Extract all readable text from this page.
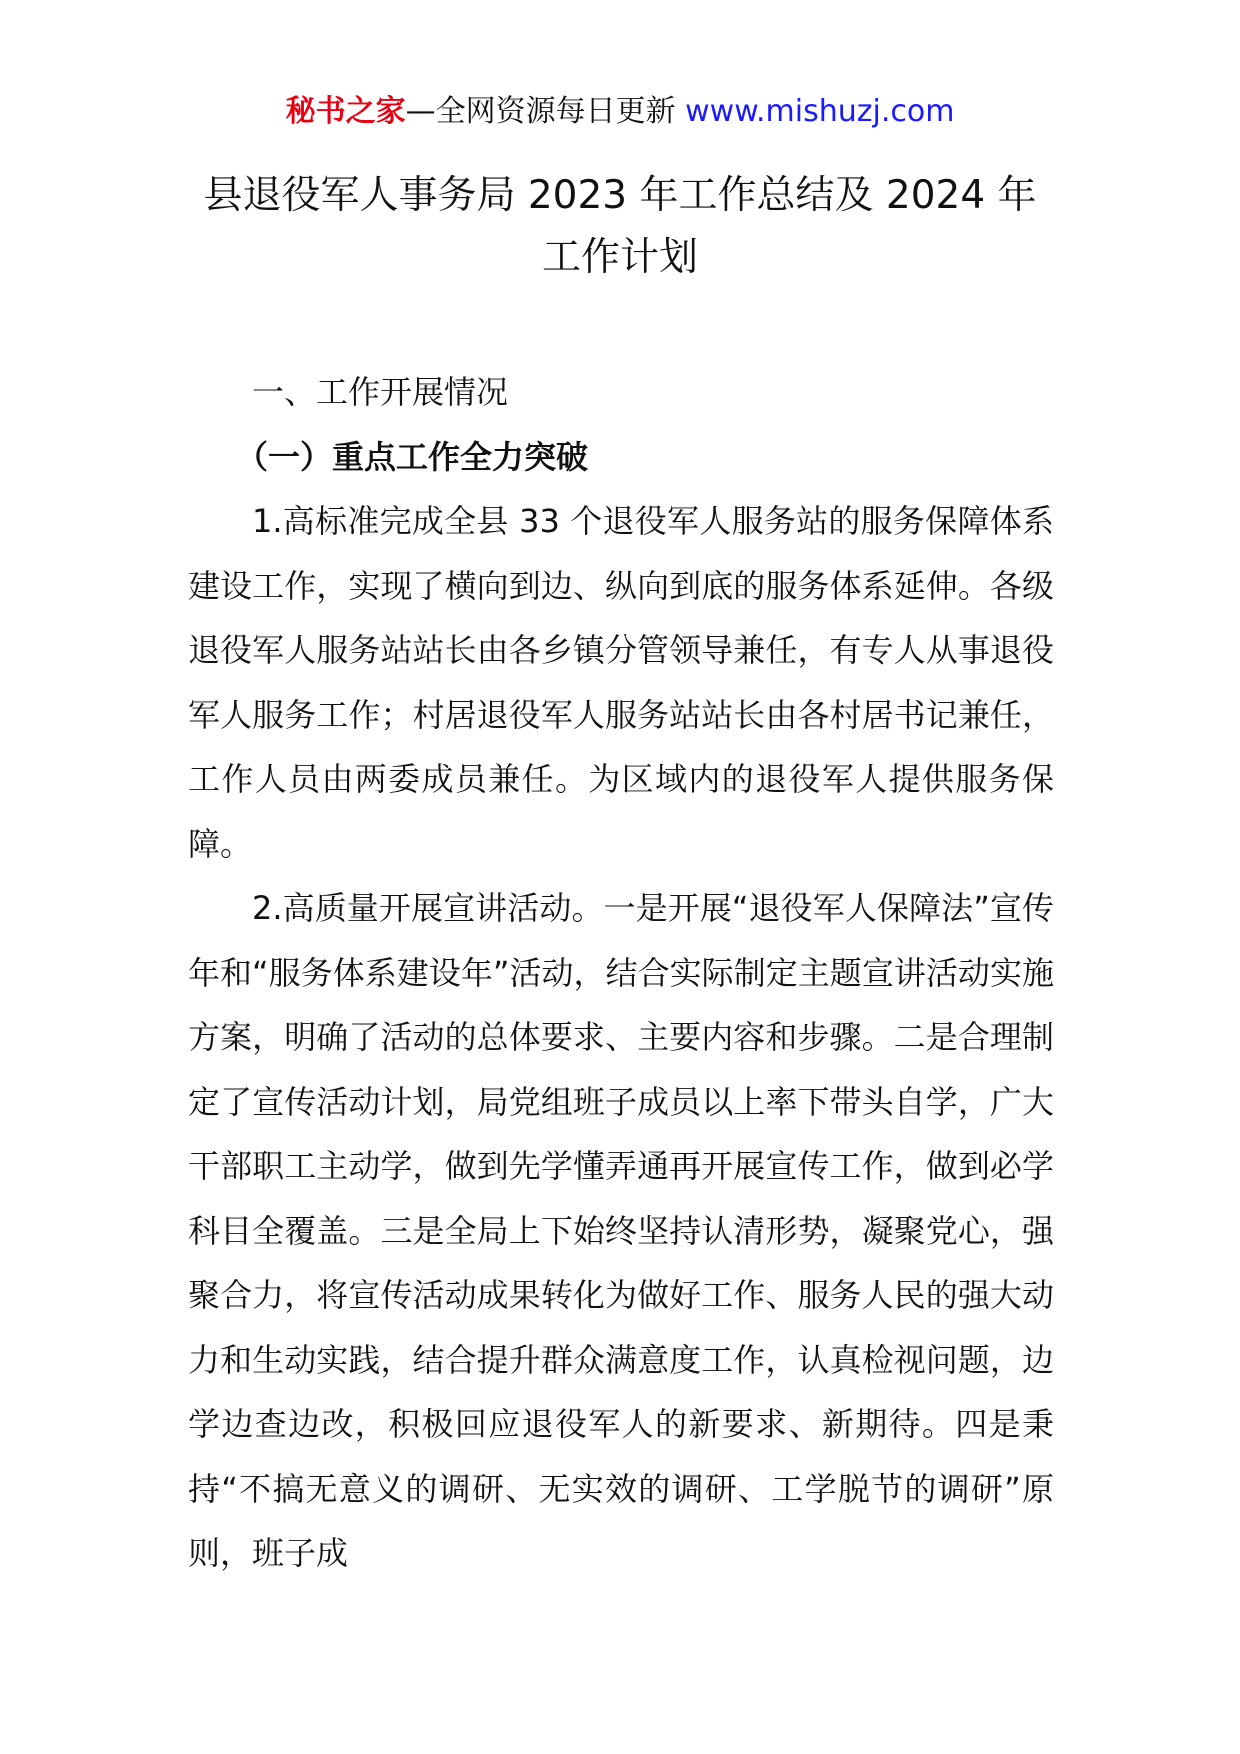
秘书之家—全网资源每日更新 www.mishuzj.com
县退役军人事务局 2023 年工作总结及 2024 年
工作计划

一、工作开展情况

（一）重点工作全力突破

1.高标准完成全县 33 个退役军人服务站的服务保障体系建设工作，实现了横向到边、纵向到底的服务体系延伸。各级退役军人服务站站长由各乡镇分管领导兼任，有专人从事退役军人服务工作；村居退役军人服务站站长由各村居书记兼任，工作人员由两委成员兼任。为区域内的退役军人提供服务保障。

2.高质量开展宣讲活动。一是开展“退役军人保障法”宣传年和“服务体系建设年”活动，结合实际制定主题宣讲活动实施方案，明确了活动的总体要求、主要内容和步骤。二是合理制定了宣传活动计划，局党组班子成员以上率下带头自学，广大干部职工主动学，做到先学懂弄通再开展宣传工作，做到必学科目全覆盖。三是全局上下始终坚持认清形势，凝聚党心，强聚合力，将宣传活动成果转化为做好工作、服务人民的强大动力和生动实践，结合提升群众满意度工作，认真检视问题，边学边查边改，积极回应退役军人的新要求、新期待。四是秉持“不搞无意义的调研、无实效的调研、工学脱节的调研”原则，班子成
